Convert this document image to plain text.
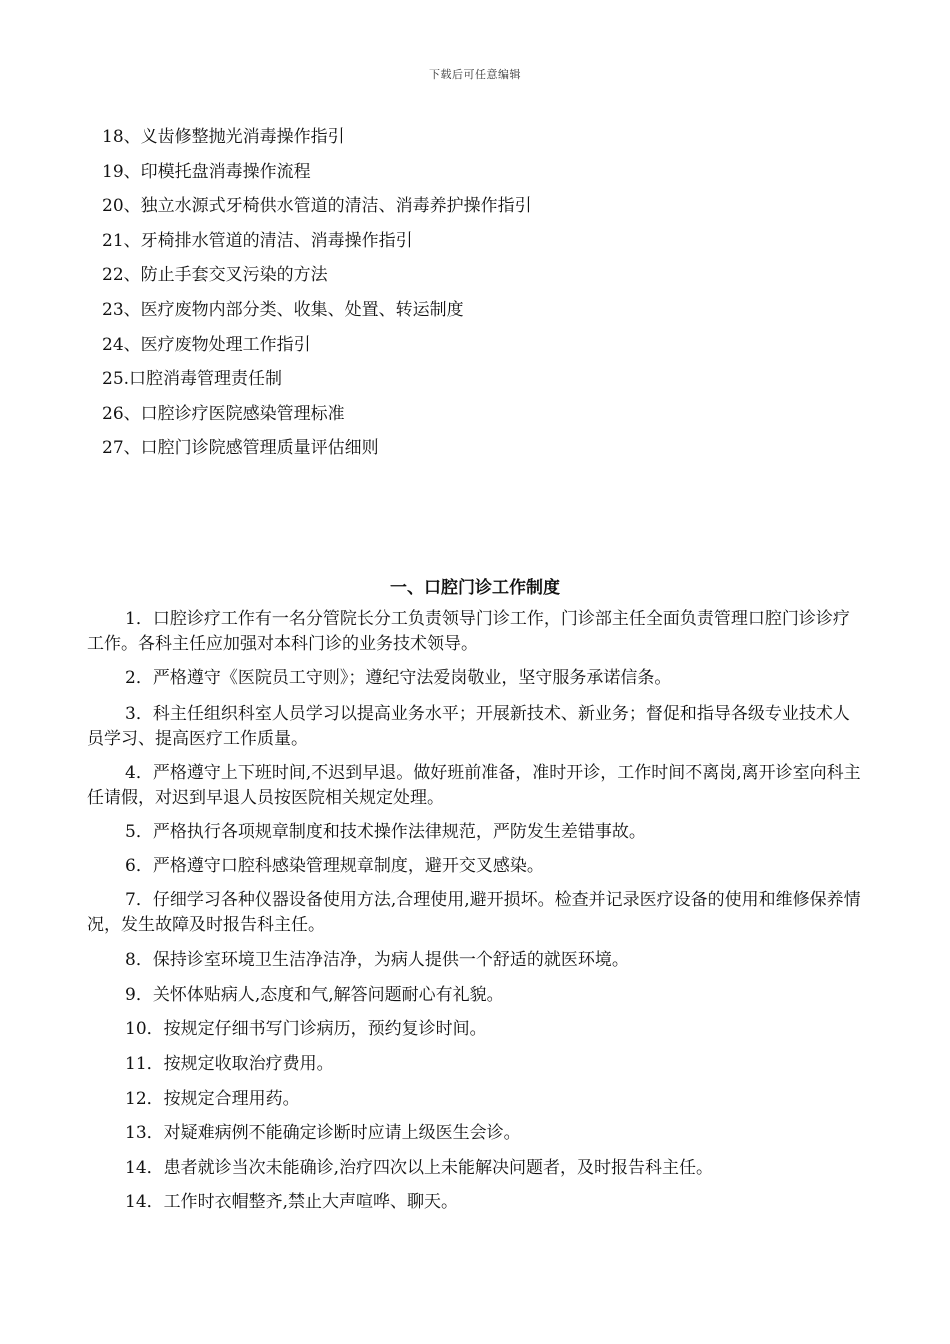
下载后可任意编辑
18、义齿修整抛光消毒操作指引
19、印模托盘消毒操作流程
20、独立水源式牙椅供水管道的清洁、消毒养护操作指引
21、牙椅排水管道的清洁、消毒操作指引
22、防止手套交叉污染的方法
23、医疗废物内部分类、收集、处置、转运制度
24、医疗废物处理工作指引
25.口腔消毒管理责任制
26、口腔诊疗医院感染管理标准
27、口腔门诊院感管理质量评估细则
一、口腔门诊工作制度

1．口腔诊疗工作有一名分管院长分工负责领导门诊工作，门诊部主任全面负责管理口腔门诊诊疗工作。各科主任应加强对本科门诊的业务技术领导。

2．严格遵守《医院员工守则》；遵纪守法爱岗敬业，坚守服务承诺信条。

3．科主任组织科室人员学习以提高业务水平；开展新技术、新业务；督促和指导各级专业技术人员学习、提高医疗工作质量。

4．严格遵守上下班时间,不迟到早退。做好班前准备，准时开诊，工作时间不离岗,离开诊室向科主任请假，对迟到早退人员按医院相关规定处理。

5．严格执行各项规章制度和技术操作法律规范，严防发生差错事故。

6．严格遵守口腔科感染管理规章制度，避开交叉感染。

7．仔细学习各种仪器设备使用方法,合理使用,避开损坏。检查并记录医疗设备的使用和维修保养情况，发生故障及时报告科主任。

8．保持诊室环境卫生洁净洁净，为病人提供一个舒适的就医环境。

9．关怀体贴病人,态度和气,解答问题耐心有礼貌。

10．按规定仔细书写门诊病历，预约复诊时间。

11．按规定收取治疗费用。

12．按规定合理用药。

13．对疑难病例不能确定诊断时应请上级医生会诊。

14．患者就诊当次未能确诊,治疗四次以上未能解决问题者，及时报告科主任。

14．工作时衣帽整齐,禁止大声喧哗、聊天。
